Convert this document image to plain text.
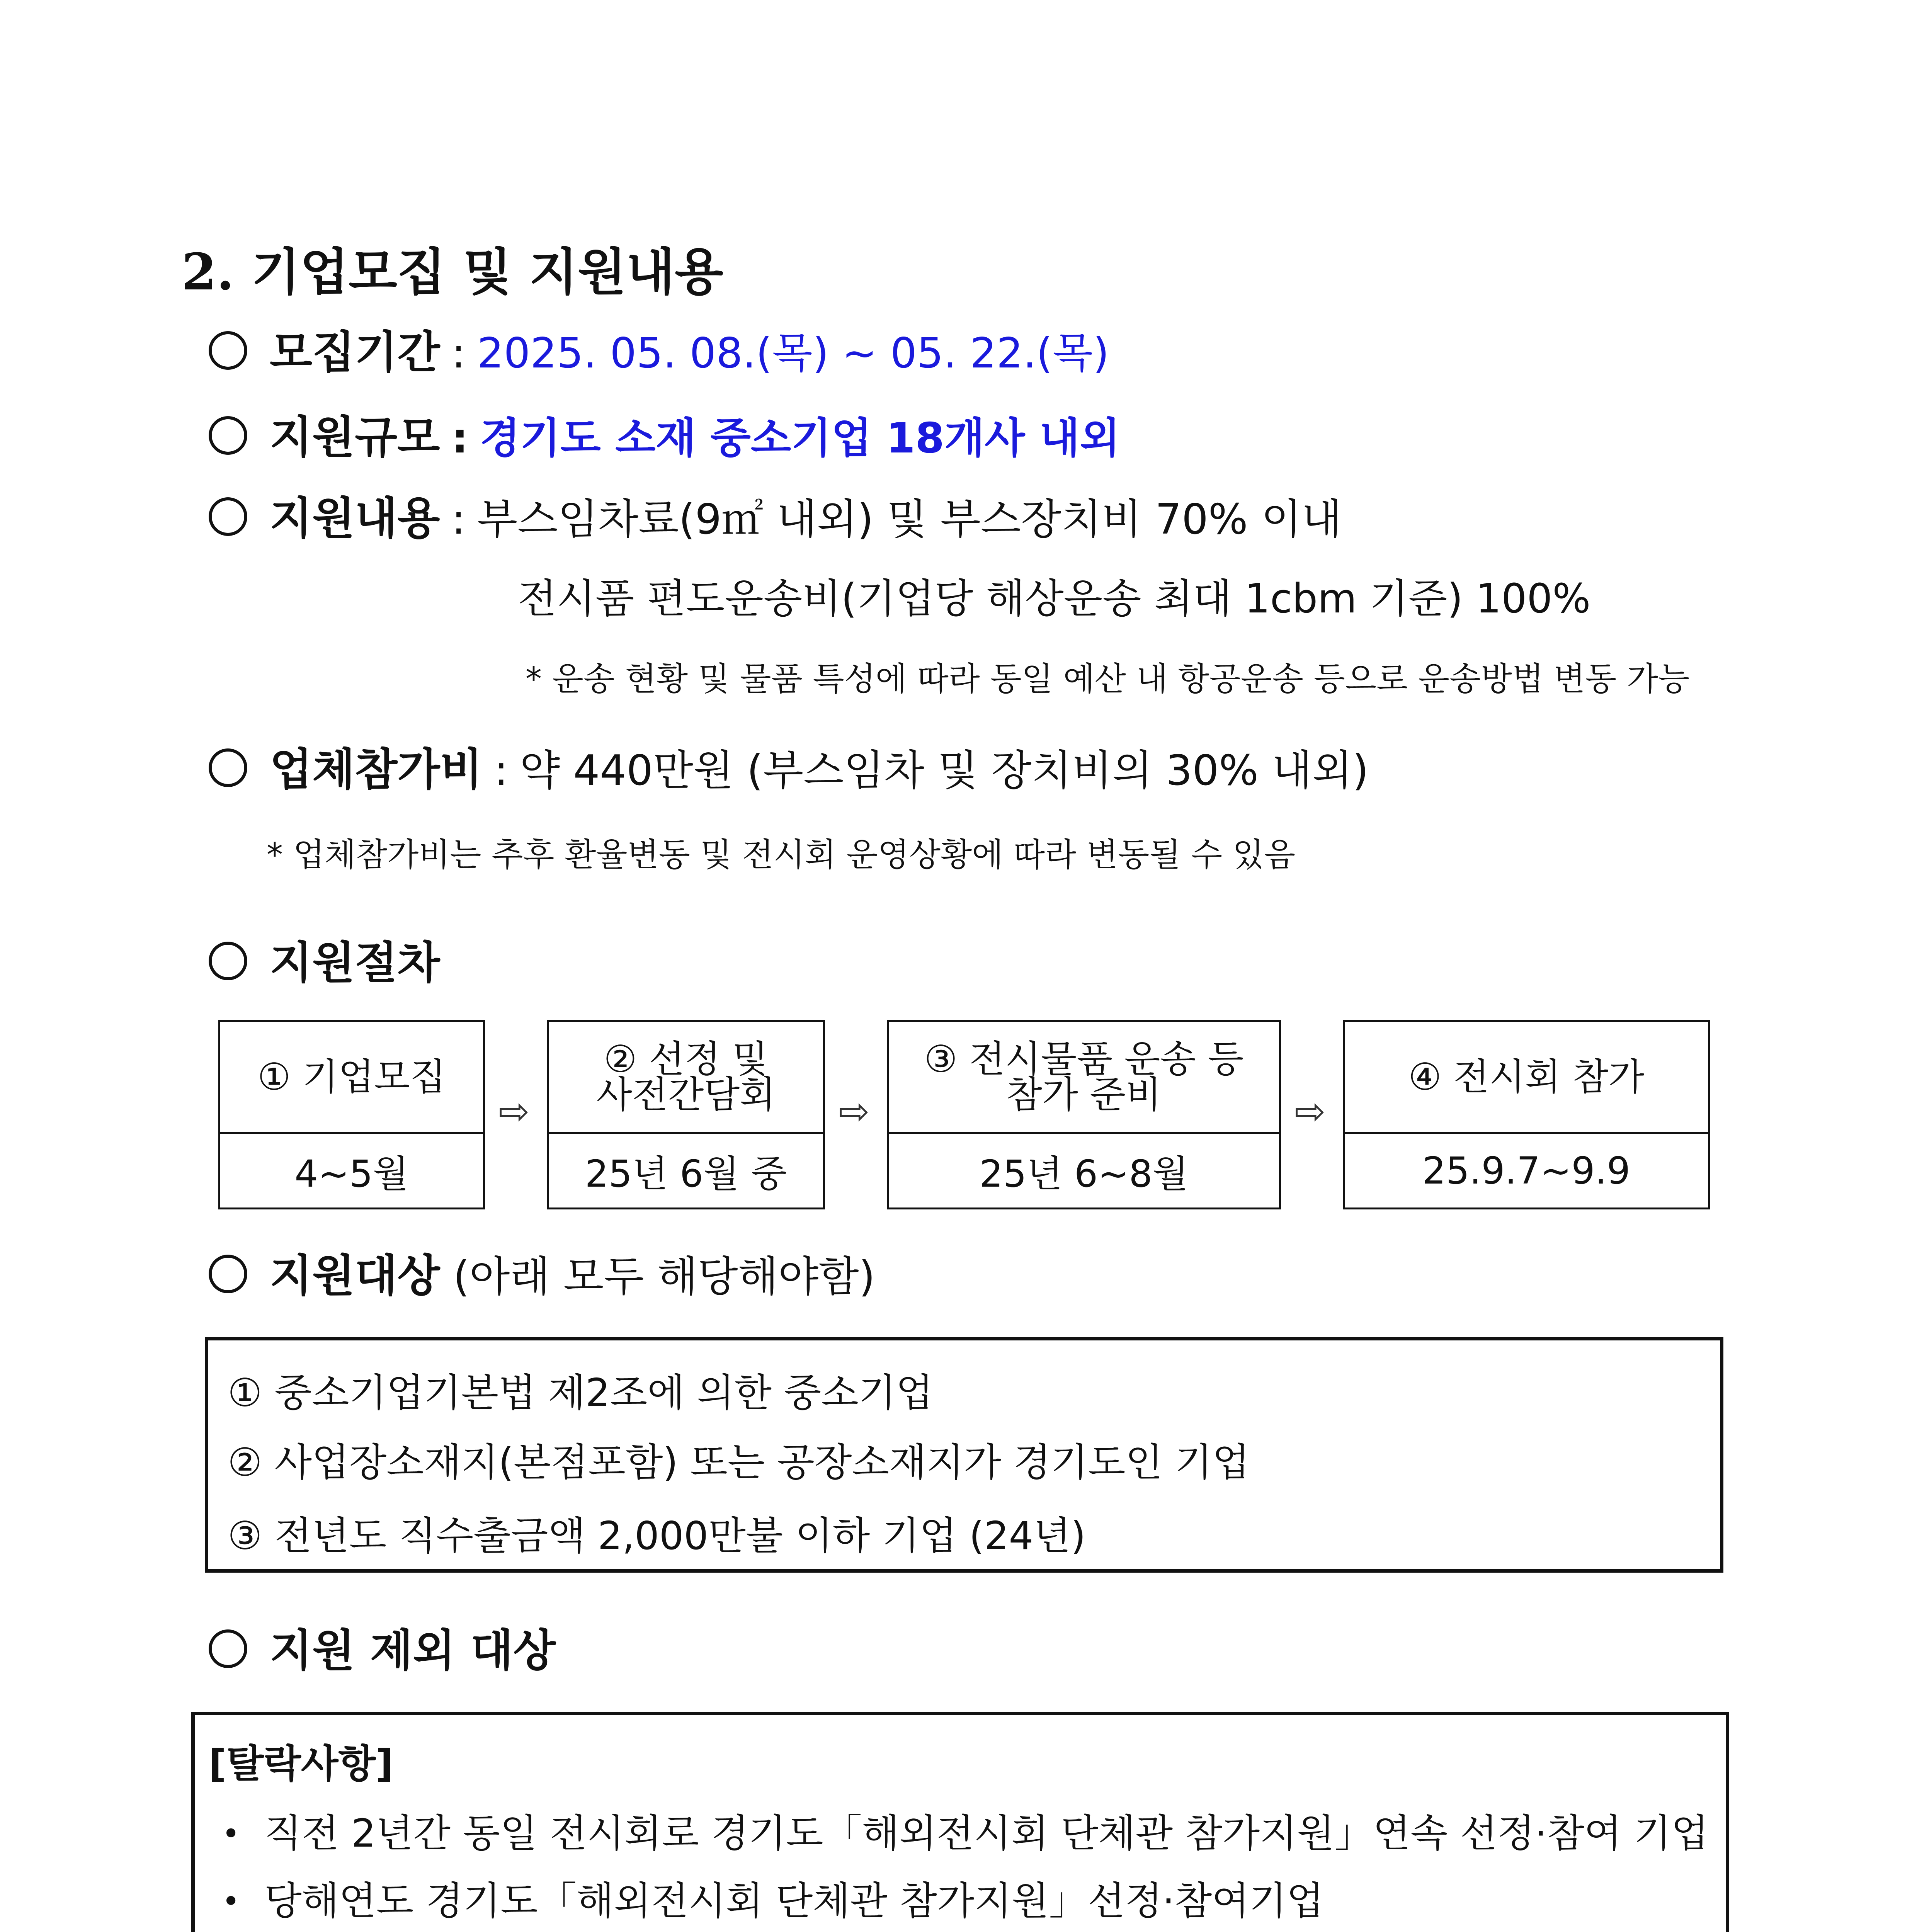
2. 기업모집 및 지원내용
모집기간 : 2025. 05. 08.(목) ~ 05. 22.(목)
지원규모 : 경기도 소재 중소기업 18개사 내외
지원내용 : 부스임차료(9㎡ 내외) 및 부스장치비 70% 이내
전시품 편도운송비(기업당 해상운송 최대 1cbm 기준) 100%
* 운송 현황 및 물품 특성에 따라 동일 예산 내 항공운송 등으로 운송방법 변동 가능
업체참가비 : 약 440만원 (부스임차 및 장치비의 30% 내외)
* 업체참가비는 추후 환율변동 및 전시회 운영상황에 따라 변동될 수 있음
지원절차
① 기업모집
4~5월
⇨
② 선정 및
사전간담회
25년 6월 중
⇨
③ 전시물품 운송 등
참가 준비
25년 6~8월
⇨
④ 전시회 참가
25.9.7~9.9
지원대상 (아래 모두 해당해야함)
① 중소기업기본법 제2조에 의한 중소기업
② 사업장소재지(본점포함) 또는 공장소재지가 경기도인 기업
③ 전년도 직수출금액 2,000만불 이하 기업 (24년)
지원 제외 대상
[탈락사항]
• 직전 2년간 동일 전시회로 경기도「해외전시회 단체관 참가지원」연속 선정·참여 기업
• 당해연도 경기도「해외전시회 단체관 참가지원」선정·참여기업
